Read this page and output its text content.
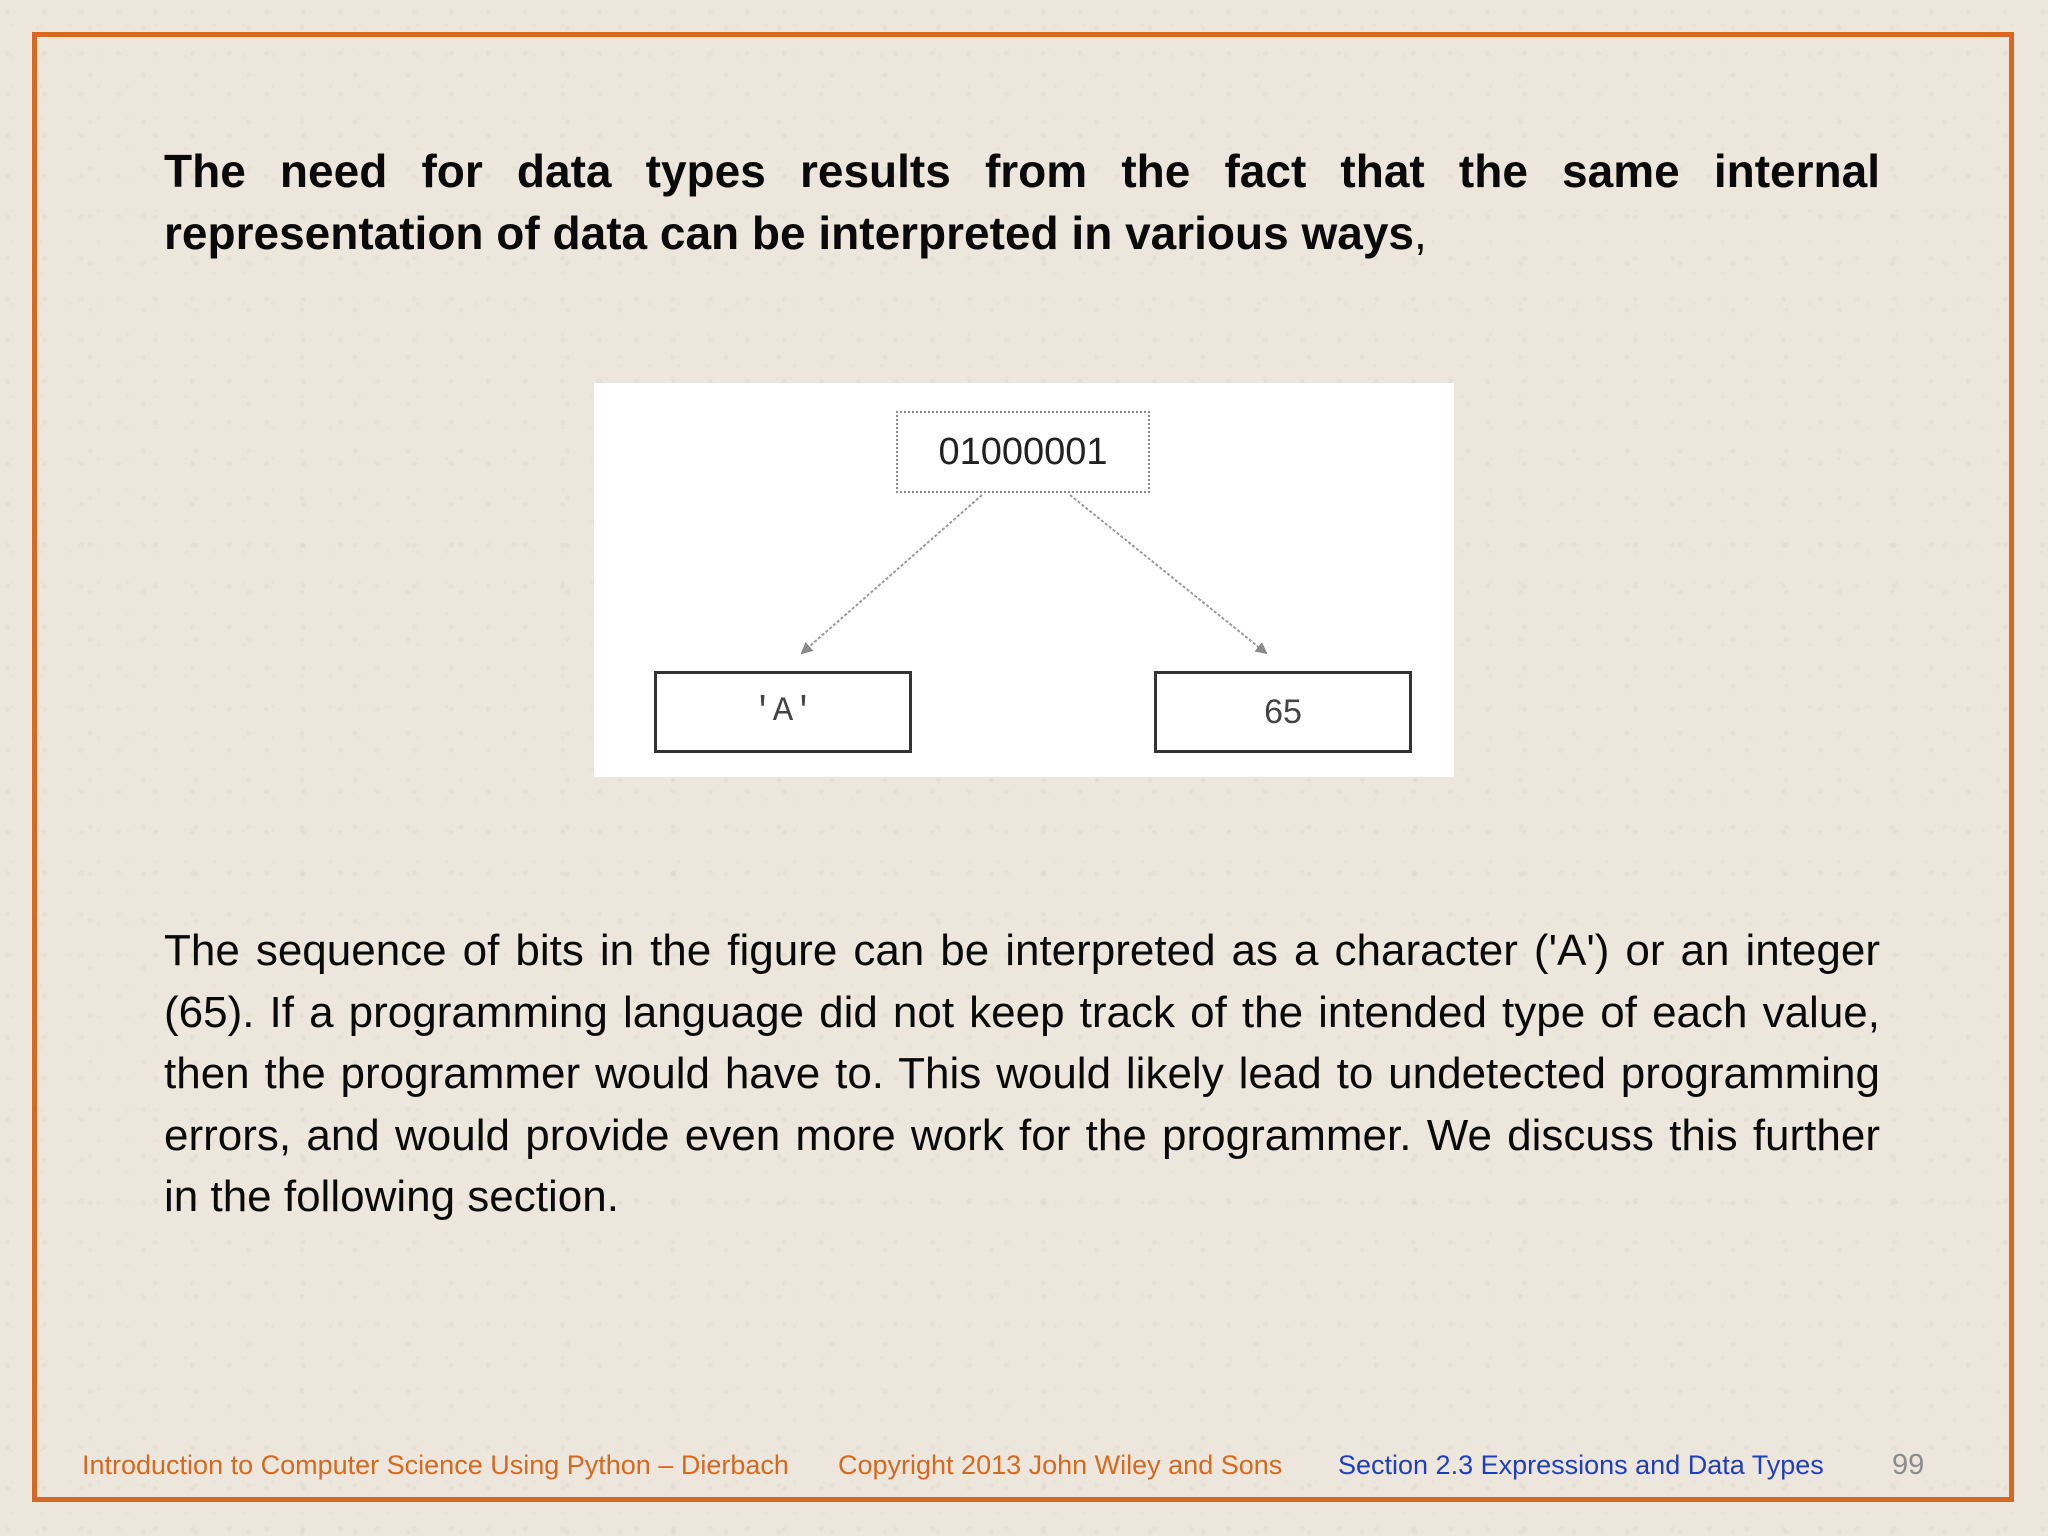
The need for data types results from the fact that the same internal representation of data can be interpreted in various ways,

01000001
'A'	65

The sequence of bits in the figure can be interpreted as a character ('A') or an integer (65). If a programming language did not keep track of the intended type of each value, then the programmer would have to. This would likely lead to undetected programming errors, and would provide even more work for the programmer. We discuss this further in the following section.

Introduction to Computer Science Using Python – Dierbach Copyright 2013 John Wiley and Sons Section 2.3 Expressions and Data Types 99
